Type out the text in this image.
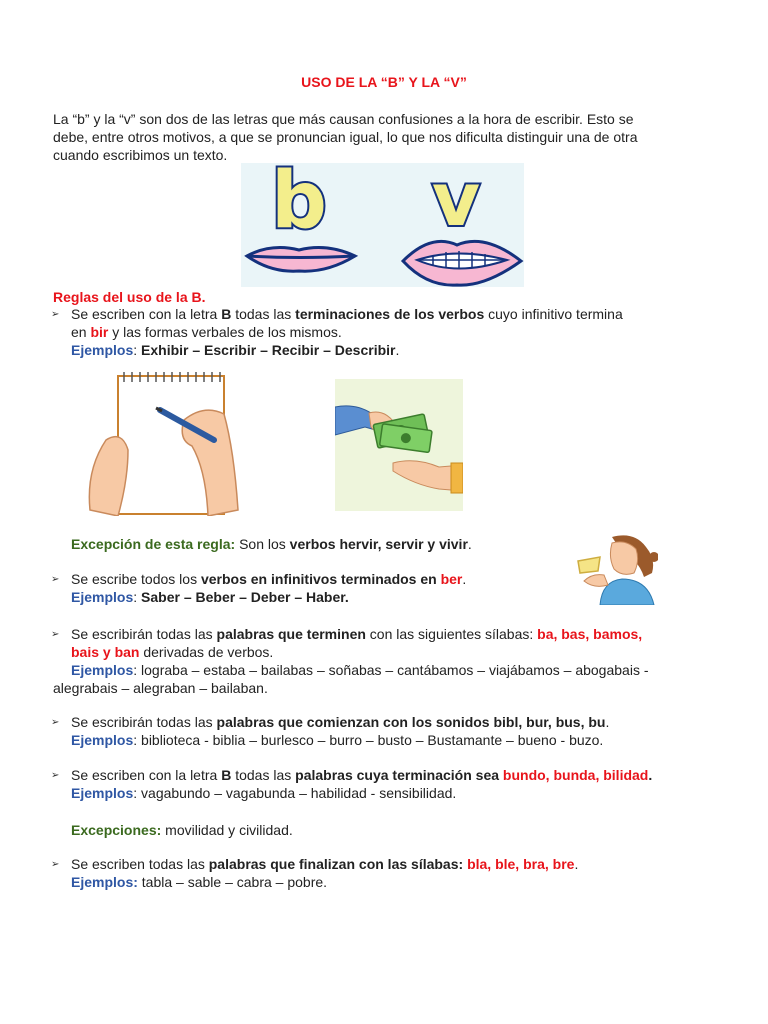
USO DE LA “B” Y LA “V”
La “b” y la “v” son dos de las letras que más causan confusiones a la hora de escribir. Esto se
debe, entre otros motivos, a que se pronuncian igual, lo que nos dificulta distinguir una de otra
cuando escribimos un texto.
b v
Reglas del uso de la B.
➢ Se escriben con la letra B todas las terminaciones de los verbos cuyo infinitivo termina
en bir y las formas verbales de los mismos.
Ejemplos: Exhibir – Escribir – Recibir – Describir.
Excepción de esta regla: Son los verbos hervir, servir y vivir.
➢ Se escribe todos los verbos en infinitivos terminados en ber.
Ejemplos: Saber – Beber – Deber – Haber.
➢ Se escribirán todas las palabras que terminen con las siguientes sílabas: ba, bas, bamos,
bais y ban derivadas de verbos.
Ejemplos: lograba – estaba – bailabas – soñabas – cantábamos – viajábamos – abogabais -
alegrabais – alegraban – bailaban.
➢ Se escribirán todas las palabras que comienzan con los sonidos bibl, bur, bus, bu.
Ejemplos: biblioteca - biblia – burlesco – burro – busto – Bustamante – bueno - buzo.
➢ Se escriben con la letra B todas las palabras cuya terminación sea bundo, bunda, bilidad.
Ejemplos: vagabundo – vagabunda – habilidad - sensibilidad.
Excepciones: movilidad y civilidad.
➢ Se escriben todas las palabras que finalizan con las sílabas: bla, ble, bra, bre.
Ejemplos: tabla – sable – cabra – pobre.
